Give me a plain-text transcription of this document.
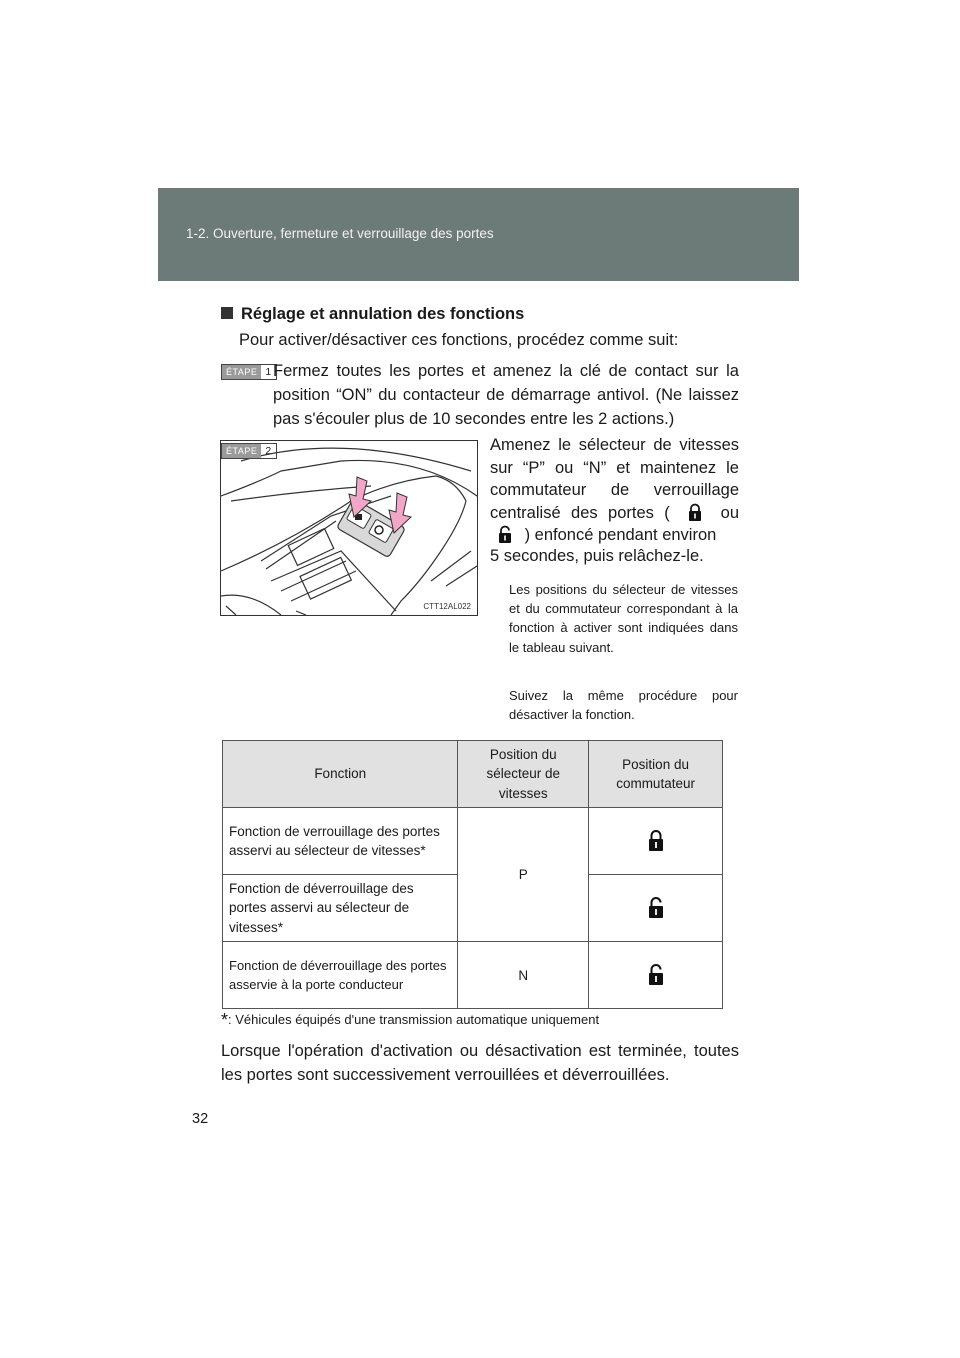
1-2. Ouverture, fermeture et verrouillage des portes
Réglage et annulation des fonctions
Pour activer/désactiver ces fonctions, procédez comme suit:
ÉTAPE 1 Fermez toutes les portes et amenez la clé de contact sur la position “ON” du contacteur de démarrage antivol. (Ne laissez pas s'écouler plus de 10 secondes entre les 2 actions.)
CTT12AL022
ÉTAPE 2	Amenez le sélecteur de vitesses sur “P” ou “N” et maintenez le commutateur de verrouillage centralisé des portes (	ou  ) enfoncé pendant environ
5 secondes, puis relâchez-le.
Les positions du sélecteur de vitesses et du commutateur correspondant à la fonction à activer sont indiquées dans le tableau suivant.
Suivez la même procédure pour désactiver la fonction.
Fonction	Position du sélecteur de vitesses	Position du commutateur
Fonction de verrouillage des portes asservi au sélecteur de vitesses*	P	
Fonction de déverrouillage des portes asservi au sélecteur de vitesses*	
Fonction de déverrouillage des portes asservie à la porte conducteur	N	
*: Véhicules équipés d'une transmission automatique uniquement
Lorsque l'opération d'activation ou désactivation est terminée, toutes les portes sont successivement verrouillées et déverrouillées.
32
